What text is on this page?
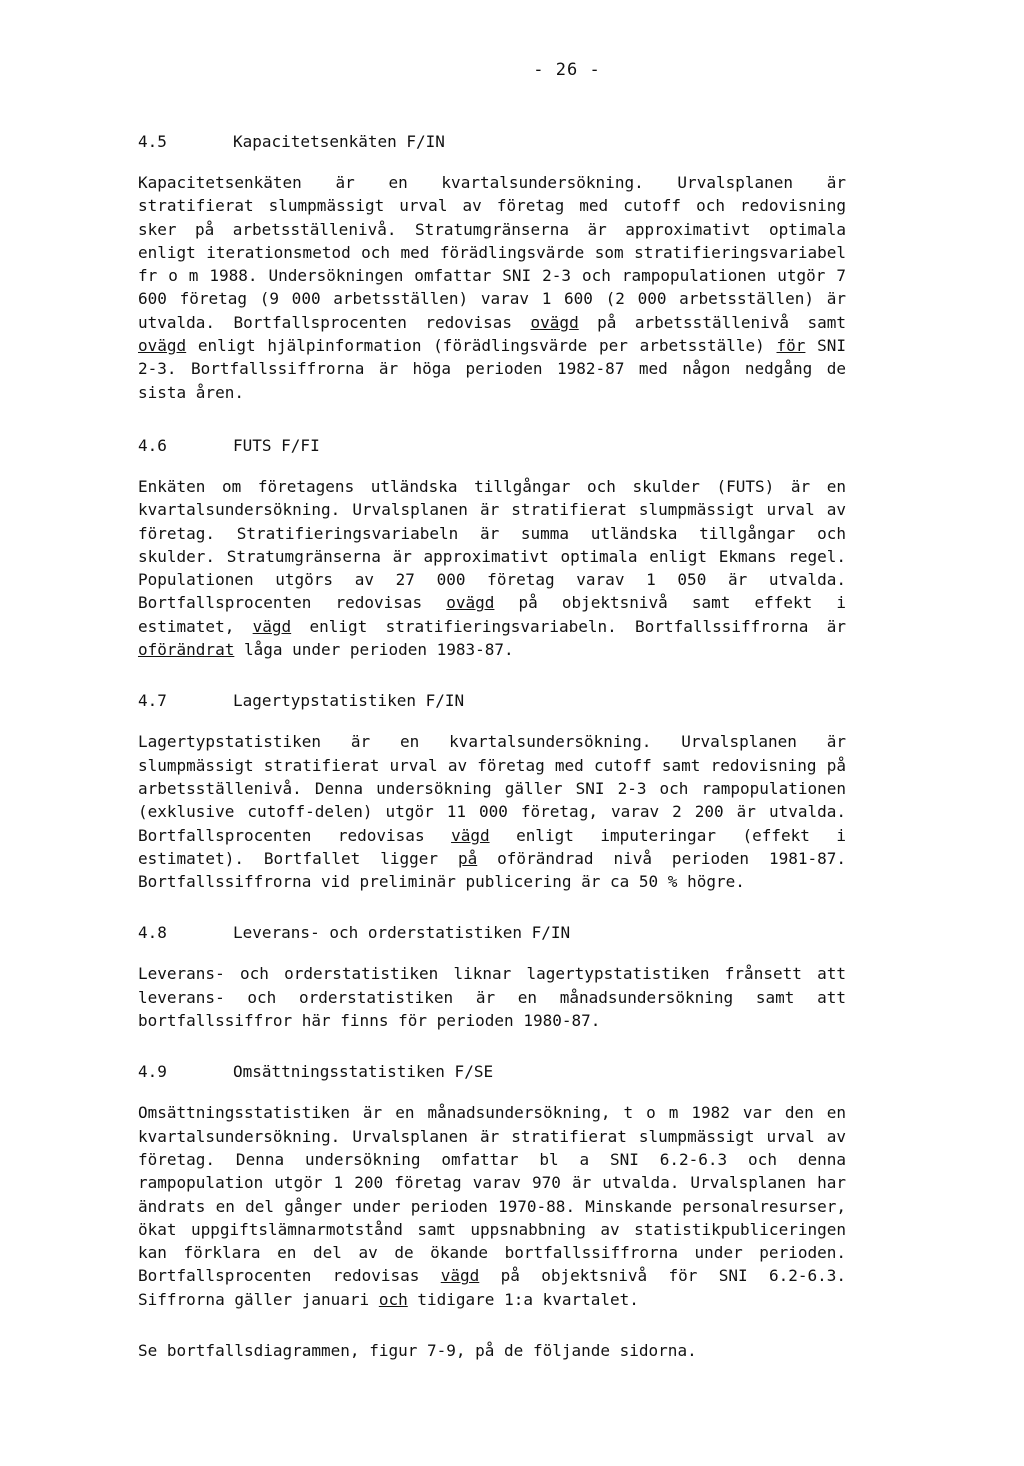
- 26 -
4.5	Kapacitetsenkäten F/IN
Kapacitetsenkäten är en kvartalsundersökning. Urvalsplanen är stratifierat slumpmässigt urval av företag med cutoff och redovisning sker på arbetsställenivå. Stratumgränserna är approximativt optimala enligt iterationsmetod och med förädlingsvärde som stratifieringsvariabel fr o m 1988. Undersökningen omfattar SNI 2-3 och rampopulationen utgör 7 600 företag (9 000 arbetsställen) varav 1 600 (2 000 arbetsställen) är utvalda. Bortfallsprocenten redovisas ovägd på arbetsställenivå samt ovägd enligt hjälpinformation (förädlingsvärde per arbetsställe) för SNI 2-3. Bortfallssiffrorna är höga perioden 1982-87 med någon nedgång de sista åren.
4.6	FUTS F/FI
Enkäten om företagens utländska tillgångar och skulder (FUTS) är en kvartalsundersökning. Urvalsplanen är stratifierat slumpmässigt urval av företag. Stratifieringsvariabeln är summa utländska tillgångar och skulder. Stratumgränserna är approximativt optimala enligt Ekmans regel. Populationen utgörs av 27 000 företag varav 1 050 är utvalda. Bortfallsprocenten redovisas ovägd på objektsnivå samt effekt i estimatet, vägd enligt stratifieringsvariabeln. Bortfallssiffrorna är oförändrat låga under perioden 1983-87.
4.7	Lagertypstatistiken F/IN
Lagertypstatistiken är en kvartalsundersökning. Urvalsplanen är slumpmässigt stratifierat urval av företag med cutoff samt redovisning på arbetsställenivå. Denna undersökning gäller SNI 2-3 och rampopulationen (exklusive cutoff-delen) utgör 11 000 företag, varav 2 200 är utvalda. Bortfallsprocenten redovisas vägd enligt imputeringar (effekt i estimatet). Bortfallet ligger på oförändrad nivå perioden 1981-87. Bortfallssiffrorna vid preliminär publicering är ca 50 % högre.
4.8	Leverans- och orderstatistiken F/IN
Leverans- och orderstatistiken liknar lagertypstatistiken frånsett att leverans- och orderstatistiken är en månadsundersökning samt att bortfallssiffror här finns för perioden 1980-87.
4.9	Omsättningsstatistiken F/SE
Omsättningsstatistiken är en månadsundersökning, t o m 1982 var den en kvartalsundersökning. Urvalsplanen är stratifierat slumpmässigt urval av företag. Denna undersökning omfattar bl a SNI 6.2-6.3 och denna rampopulation utgör 1 200 företag varav 970 är utvalda. Urvalsplanen har ändrats en del gånger under perioden 1970-88. Minskande personalresurser, ökat uppgiftslämnarmotstånd samt uppsnabbning av statistikpubliceringen kan förklara en del av de ökande bortfallssiffrorna under perioden. Bortfallsprocenten redovisas vägd på objektsnivå för SNI 6.2-6.3. Siffrorna gäller januari och tidigare 1:a kvartalet.
Se bortfallsdiagrammen, figur 7-9, på de följande sidorna.
